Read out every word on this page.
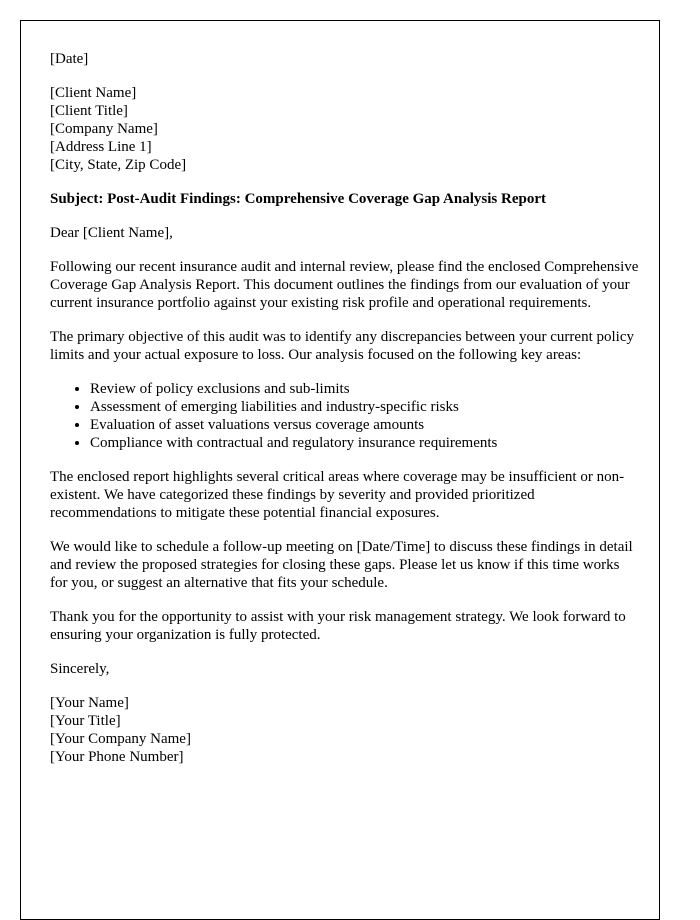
[Date]

[Client Name]
[Client Title]
[Company Name]
[Address Line 1]
[City, State, Zip Code]

Subject: Post-Audit Findings: Comprehensive Coverage Gap Analysis Report

Dear [Client Name],

Following our recent insurance audit and internal review, please find the enclosed Comprehensive Coverage Gap Analysis Report. This document outlines the findings from our evaluation of your current insurance portfolio against your existing risk profile and operational requirements.

The primary objective of this audit was to identify any discrepancies between your current policy limits and your actual exposure to loss. Our analysis focused on the following key areas:

• Review of policy exclusions and sub-limits
• Assessment of emerging liabilities and industry-specific risks
• Evaluation of asset valuations versus coverage amounts
• Compliance with contractual and regulatory insurance requirements

The enclosed report highlights several critical areas where coverage may be insufficient or non-existent. We have categorized these findings by severity and provided prioritized recommendations to mitigate these potential financial exposures.

We would like to schedule a follow-up meeting on [Date/Time] to discuss these findings in detail and review the proposed strategies for closing these gaps. Please let us know if this time works for you, or suggest an alternative that fits your schedule.

Thank you for the opportunity to assist with your risk management strategy. We look forward to ensuring your organization is fully protected.

Sincerely,

[Your Name]
[Your Title]
[Your Company Name]
[Your Phone Number]
